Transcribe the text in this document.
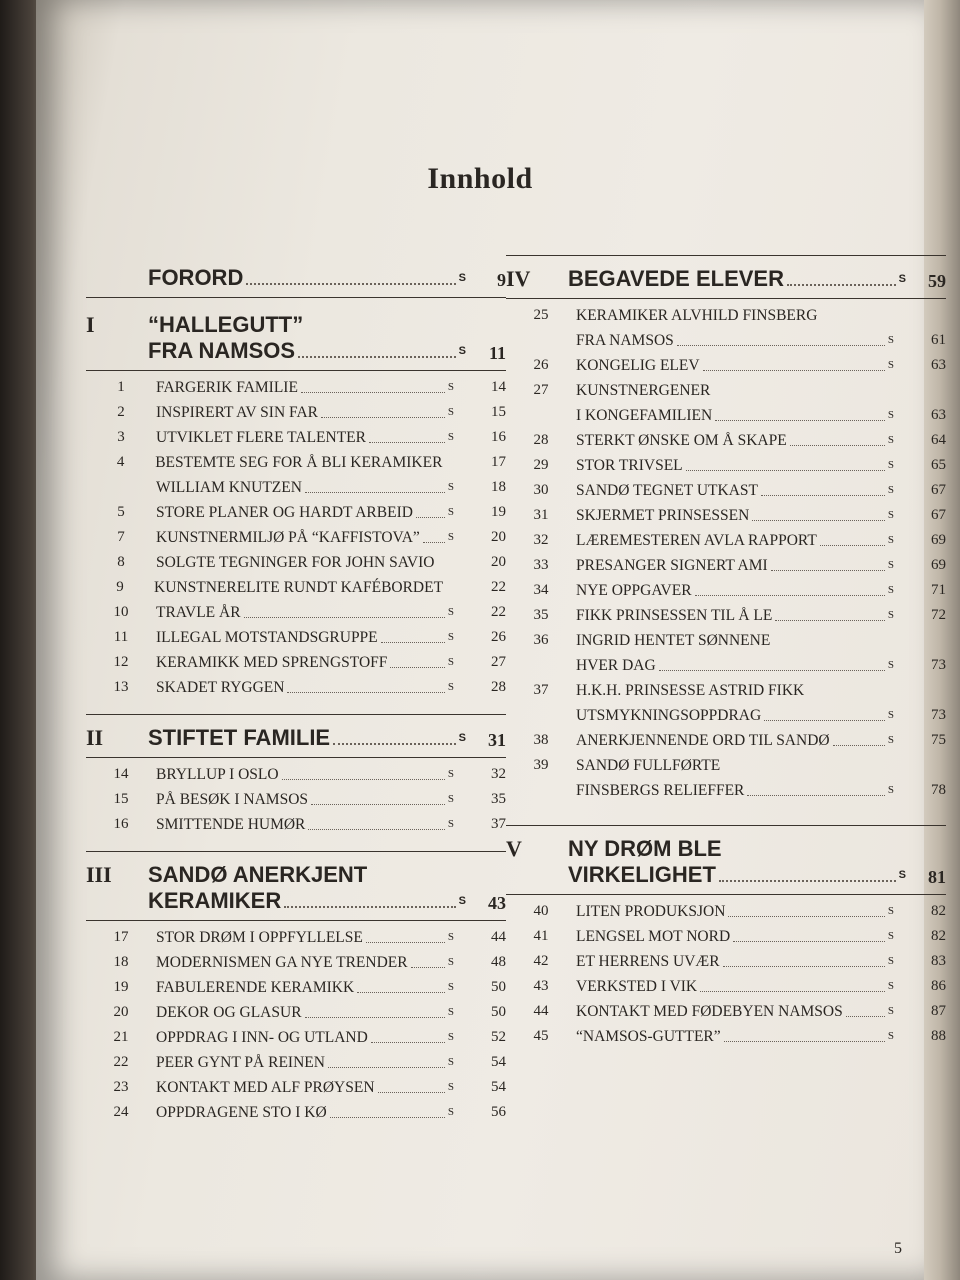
Innhold
FORORD	S	9
I	“HALLEGUTT”
FRA NAMSOS	S	11
1	FARGERIK FAMILIE	S	14
2	INSPIRERT AV SIN FAR	S	15
3	UTVIKLET FLERE TALENTER	S	16
4	BESTEMTE SEG FOR Å BLI KERAMIKER	17
WILLIAM KNUTZEN	S	18
5	STORE PLANER OG HARDT ARBEID	S	19
7	KUNSTNERMILJØ PÅ “KAFFISTOVA”	S	20
8	SOLGTE TEGNINGER FOR JOHN SAVIO	20
9	KUNSTNERELITE RUNDT KAFÉBORDET	22
10	TRAVLE ÅR	S	22
11	ILLEGAL MOTSTANDSGRUPPE	S	26
12	KERAMIKK MED SPRENGSTOFF	S	27
13	SKADET RYGGEN	S	28
II	STIFTET FAMILIE	S	31
14	BRYLLUP I OSLO	S	32
15	PÅ BESØK I NAMSOS	S	35
16	SMITTENDE HUMØR	S	37
III	SANDØ ANERKJENT
KERAMIKER	S	43
17	STOR DRØM I OPPFYLLELSE	S	44
18	MODERNISMEN GA NYE TRENDER	S	48
19	FABULERENDE KERAMIKK	S	50
20	DEKOR OG GLASUR	S	50
21	OPPDRAG I INN- OG UTLAND	S	52
22	PEER GYNT PÅ REINEN	S	54
23	KONTAKT MED ALF PRØYSEN	S	54
24	OPPDRAGENE STO I KØ	S	56
IV	BEGAVEDE ELEVER	S	59
25	KERAMIKER ALVHILD FINSBERG
FRA NAMSOS	S	61
26	KONGELIG ELEV	S	63
27	KUNSTNERGENER
I KONGEFAMILIEN	S	63
28	STERKT ØNSKE OM Å SKAPE	S	64
29	STOR TRIVSEL	S	65
30	SANDØ TEGNET UTKAST	S	67
31	SKJERMET PRINSESSEN	S	67
32	LÆREMESTEREN AVLA RAPPORT	S	69
33	PRESANGER SIGNERT AMI	S	69
34	NYE OPPGAVER	S	71
35	FIKK PRINSESSEN TIL Å LE	S	72
36	INGRID HENTET SØNNENE
HVER DAG	S	73
37	H.K.H. PRINSESSE ASTRID FIKK
UTSMYKNINGSOPPDRAG	S	73
38	ANERKJENNENDE ORD TIL SANDØ	S	75
39	SANDØ FULLFØRTE
FINSBERGS RELIEFFER	S	78
V	NY DRØM BLE
VIRKELIGHET	S	81
40	LITEN PRODUKSJON	S	82
41	LENGSEL MOT NORD	S	82
42	ET HERRENS UVÆR	S	83
43	VERKSTED I VIK	S	86
44	KONTAKT MED FØDEBYEN NAMSOS	S	87
45	“NAMSOS-GUTTER”	S	88
5
